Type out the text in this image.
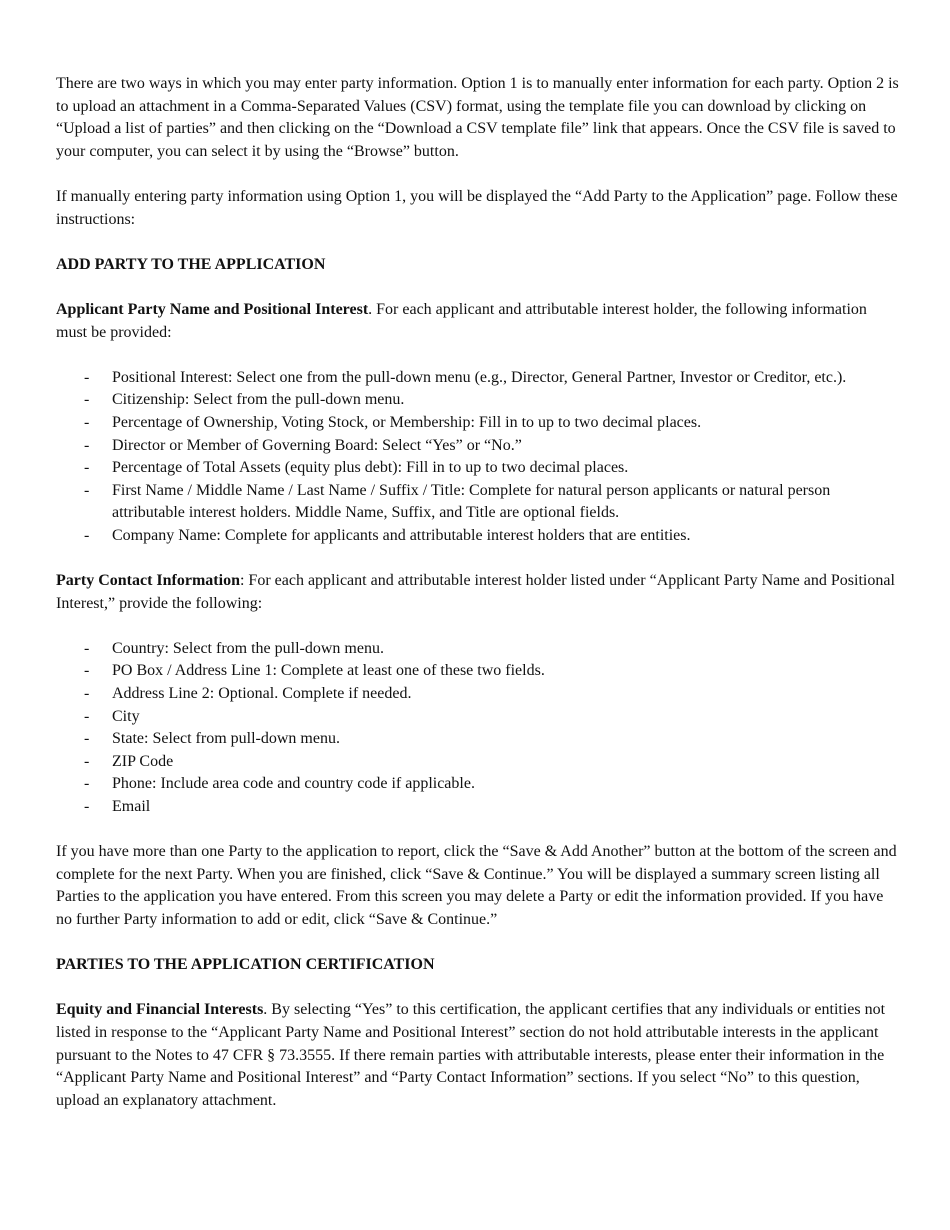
There are two ways in which you may enter party information. Option 1 is to manually enter information for each party. Option 2 is to upload an attachment in a Comma-Separated Values (CSV) format, using the template file you can download by clicking on “Upload a list of parties” and then clicking on the “Download a CSV template file” link that appears. Once the CSV file is saved to your computer, you can select it by using the “Browse” button.

If manually entering party information using Option 1, you will be displayed the “Add Party to the Application” page. Follow these instructions:

ADD PARTY TO THE APPLICATION

Applicant Party Name and Positional Interest. For each applicant and attributable interest holder, the following information must be provided:

- Positional Interest: Select one from the pull-down menu (e.g., Director, General Partner, Investor or Creditor, etc.).
- Citizenship: Select from the pull-down menu.
- Percentage of Ownership, Voting Stock, or Membership: Fill in to up to two decimal places.
- Director or Member of Governing Board: Select “Yes” or “No.”
- Percentage of Total Assets (equity plus debt): Fill in to up to two decimal places.
- First Name / Middle Name / Last Name / Suffix / Title: Complete for natural person applicants or natural person attributable interest holders. Middle Name, Suffix, and Title are optional fields.
- Company Name: Complete for applicants and attributable interest holders that are entities.

Party Contact Information: For each applicant and attributable interest holder listed under “Applicant Party Name and Positional Interest,” provide the following:

- Country: Select from the pull-down menu.
- PO Box / Address Line 1: Complete at least one of these two fields.
- Address Line 2: Optional. Complete if needed.
- City
- State: Select from pull-down menu.
- ZIP Code
- Phone: Include area code and country code if applicable.
- Email

If you have more than one Party to the application to report, click the “Save & Add Another” button at the bottom of the screen and complete for the next Party. When you are finished, click “Save & Continue.” You will be displayed a summary screen listing all Parties to the application you have entered. From this screen you may delete a Party or edit the information provided. If you have no further Party information to add or edit, click “Save & Continue.”

PARTIES TO THE APPLICATION CERTIFICATION

Equity and Financial Interests. By selecting “Yes” to this certification, the applicant certifies that any individuals or entities not listed in response to the “Applicant Party Name and Positional Interest” section do not hold attributable interests in the applicant pursuant to the Notes to 47 CFR § 73.3555. If there remain parties with attributable interests, please enter their information in the “Applicant Party Name and Positional Interest” and “Party Contact Information” sections. If you select “No” to this question, upload an explanatory attachment.
